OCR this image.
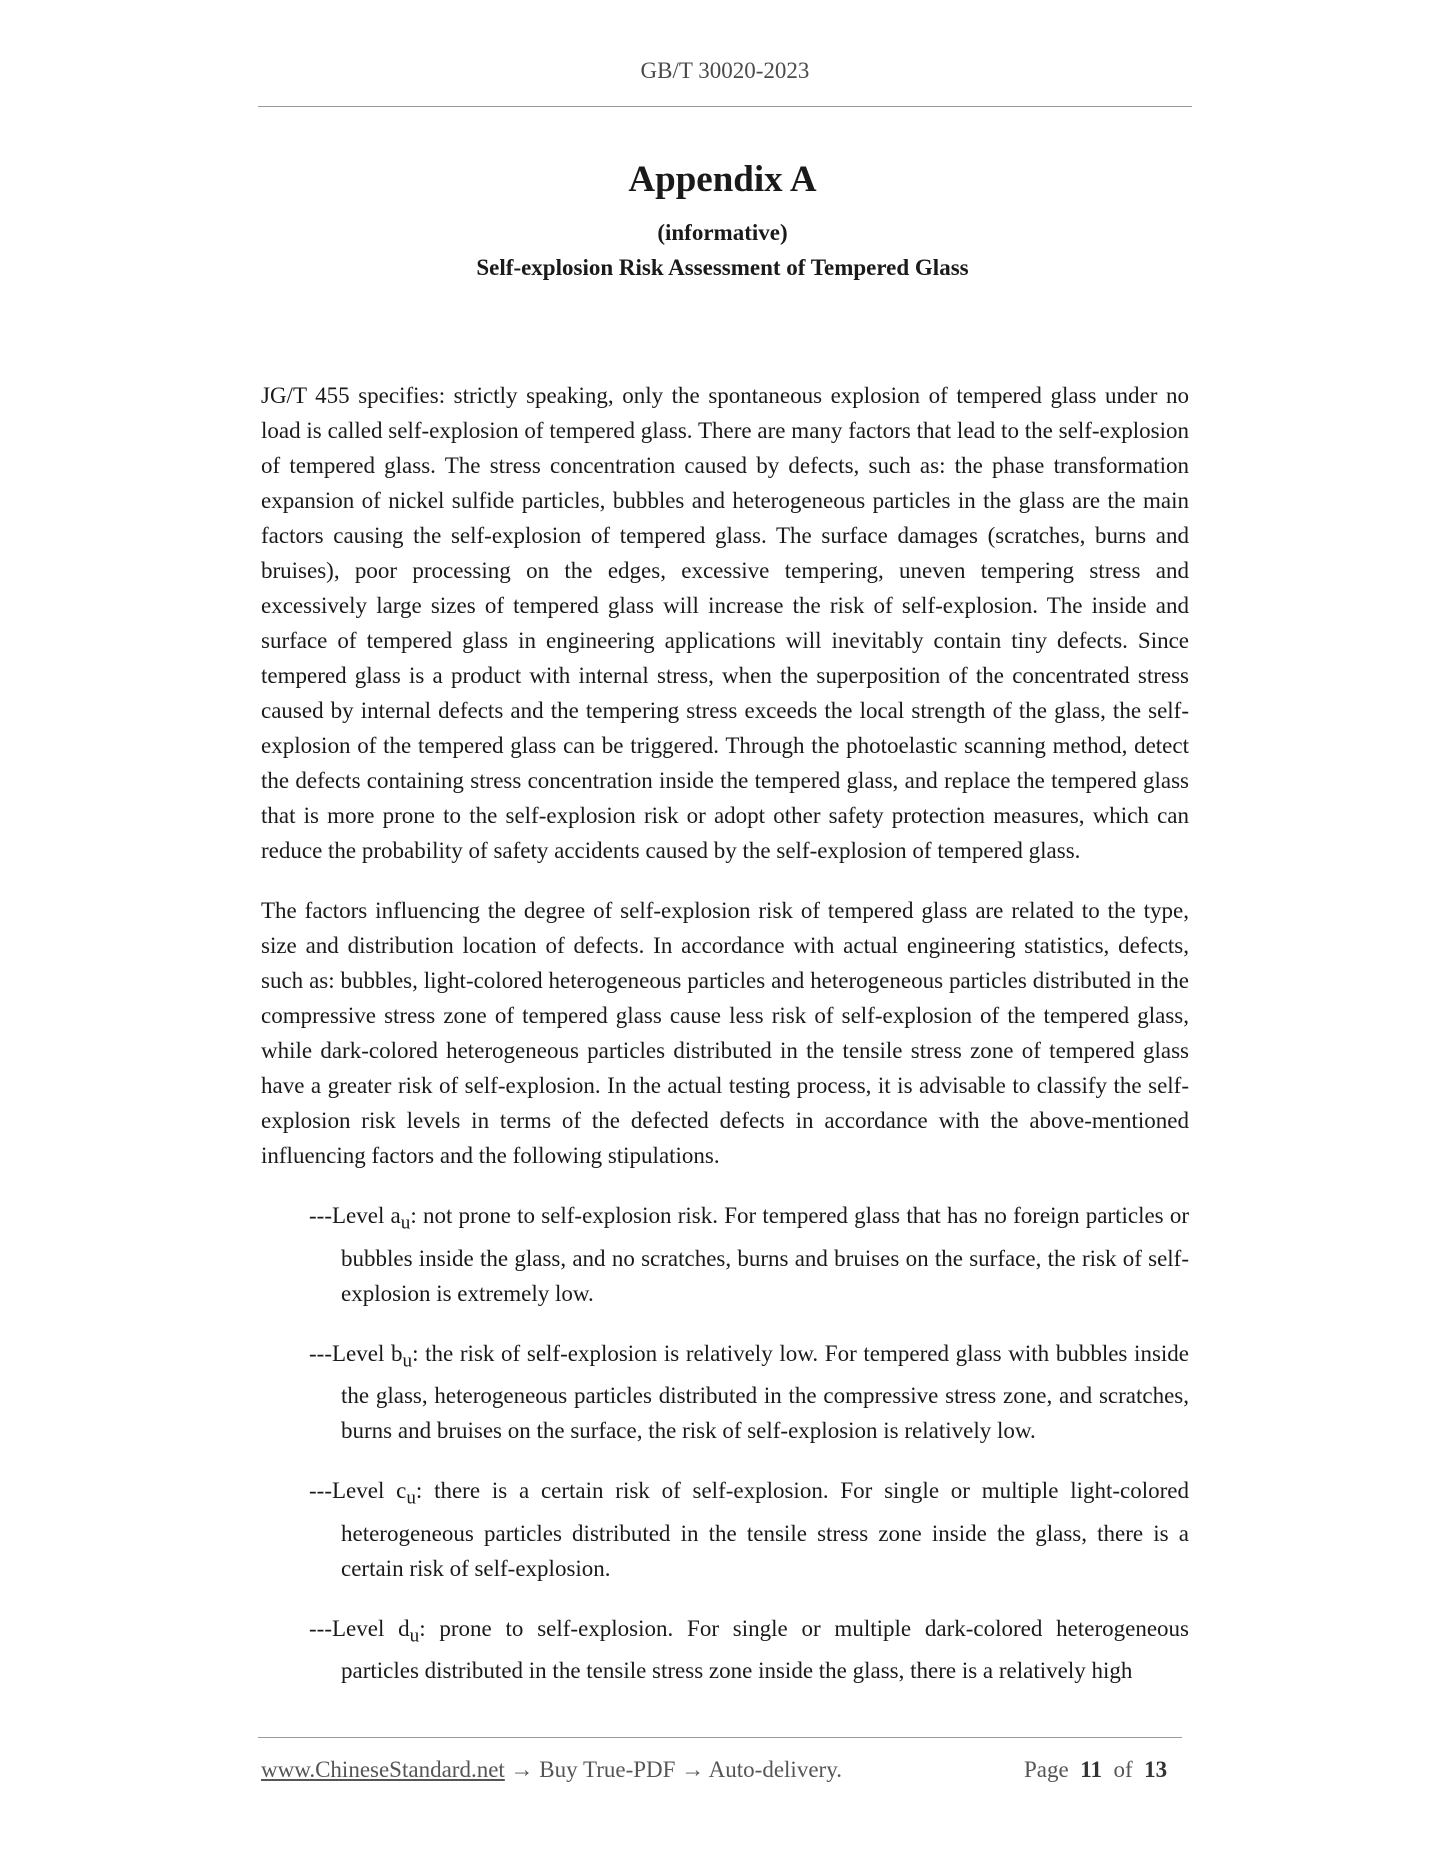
GB/T 30020-2023
Appendix A
(informative)
Self-explosion Risk Assessment of Tempered Glass

JG/T 455 specifies: strictly speaking, only the spontaneous explosion of tempered glass under no load is called self-explosion of tempered glass. There are many factors that lead to the self-explosion of tempered glass. The stress concentration caused by defects, such as: the phase transformation expansion of nickel sulfide particles, bubbles and heterogeneous particles in the glass are the main factors causing the self-explosion of tempered glass. The surface damages (scratches, burns and bruises), poor processing on the edges, excessive tempering, uneven tempering stress and excessively large sizes of tempered glass will increase the risk of self-explosion. The inside and surface of tempered glass in engineering applications will inevitably contain tiny defects. Since tempered glass is a product with internal stress, when the superposition of the concentrated stress caused by internal defects and the tempering stress exceeds the local strength of the glass, the self-explosion of the tempered glass can be triggered. Through the photoelastic scanning method, detect the defects containing stress concentration inside the tempered glass, and replace the tempered glass that is more prone to the self-explosion risk or adopt other safety protection measures, which can reduce the probability of safety accidents caused by the self-explosion of tempered glass.

The factors influencing the degree of self-explosion risk of tempered glass are related to the type, size and distribution location of defects. In accordance with actual engineering statistics, defects, such as: bubbles, light-colored heterogeneous particles and heterogeneous particles distributed in the compressive stress zone of tempered glass cause less risk of self-explosion of the tempered glass, while dark-colored heterogeneous particles distributed in the tensile stress zone of tempered glass have a greater risk of self-explosion. In the actual testing process, it is advisable to classify the self-explosion risk levels in terms of the defected defects in accordance with the above-mentioned influencing factors and the following stipulations.

---Level $a_u$: not prone to self-explosion risk. For tempered glass that has no foreign particles or bubbles inside the glass, and no scratches, burns and bruises on the surface, the risk of self-explosion is extremely low.

---Level $b_u$: the risk of self-explosion is relatively low. For tempered glass with bubbles inside the glass, heterogeneous particles distributed in the compressive stress zone, and scratches, burns and bruises on the surface, the risk of self-explosion is relatively low.

---Level $c_u$: there is a certain risk of self-explosion. For single or multiple light-colored heterogeneous particles distributed in the tensile stress zone inside the glass, there is a certain risk of self-explosion.

---Level $d_u$: prone to self-explosion. For single or multiple dark-colored heterogeneous particles distributed in the tensile stress zone inside the glass, there is a relatively high

www.ChineseStandard.net → Buy True-PDF → Auto-delivery.	Page 11 of 13
